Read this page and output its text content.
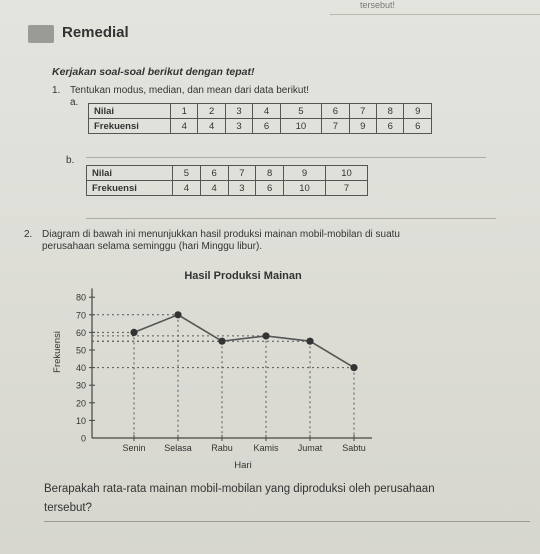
tersebut!
Remedial
Kerjakan soal-soal berikut dengan tepat!
1. Tentukan modus, median, dan mean dari data berikut!
a.
Nilai	1	2	3	4	5	6	7	8	9
Frekuensi	4	4	3	6	10	7	9	6	6
b.
Nilai	5	6	7	8	9	10
Frekuensi	4	4	3	6	10	7
2. Diagram di bawah ini menunjukkan hasil produksi mainan mobil-mobilan di suatu
perusahaan selama seminggu (hari Minggu libur).
Hasil Produksi Mainan
Hari
Frekuensi
0
10
20
30
40
50
60
70
80
Senin Selasa Rabu Kamis Jumat Sabtu
Berapakah rata-rata mainan mobil-mobilan yang diproduksi oleh perusahaan
tersebut?
